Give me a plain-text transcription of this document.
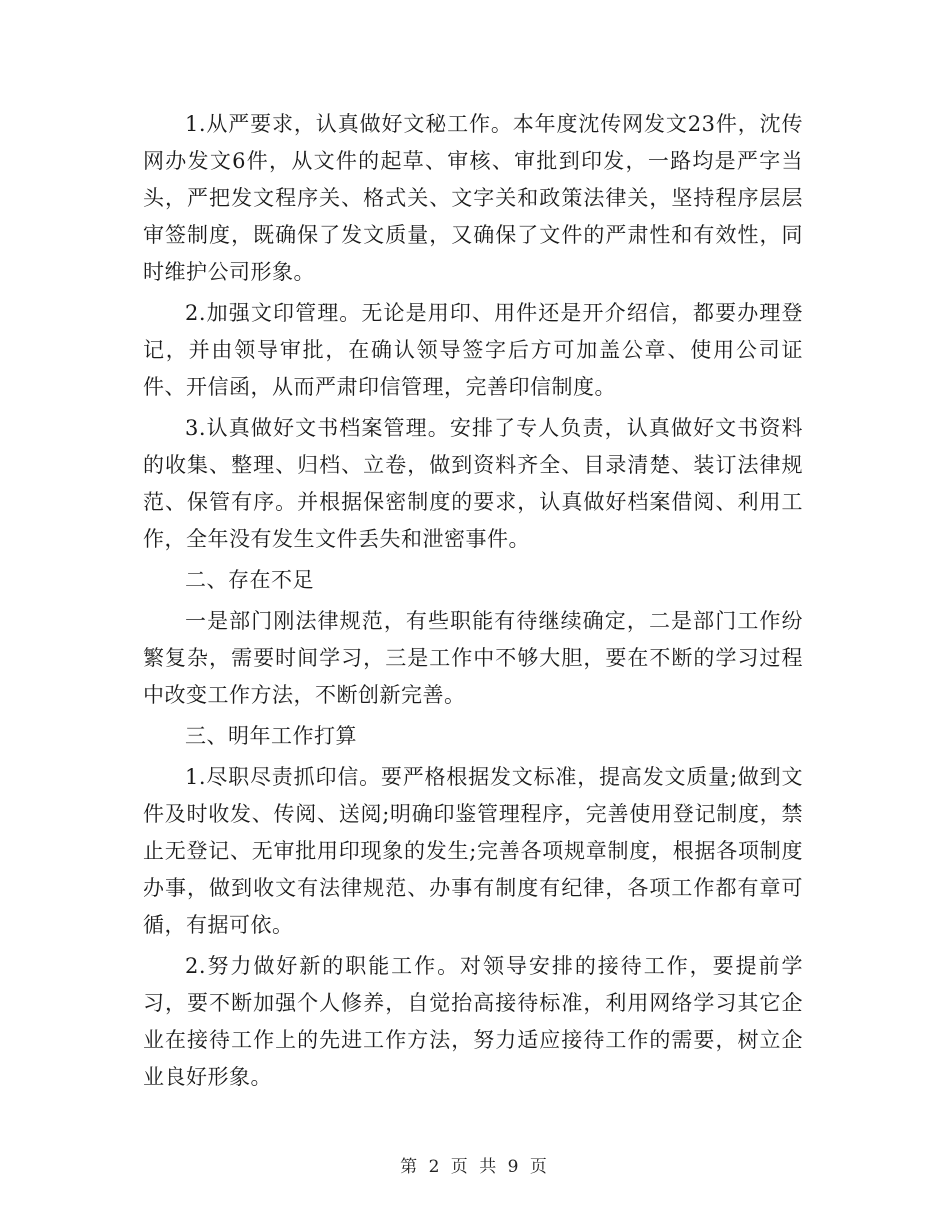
1.从严要求，认真做好文秘工作。本年度沈传网发文23件，沈传网办发文6件，从文件的起草、审核、审批到印发，一路均是严字当头，严把发文程序关、格式关、文字关和政策法律关，坚持程序层层审签制度，既确保了发文质量，又确保了文件的严肃性和有效性，同时维护公司形象。

2.加强文印管理。无论是用印、用件还是开介绍信，都要办理登记，并由领导审批，在确认领导签字后方可加盖公章、使用公司证件、开信函，从而严肃印信管理，完善印信制度。

3.认真做好文书档案管理。安排了专人负责，认真做好文书资料的收集、整理、归档、立卷，做到资料齐全、目录清楚、装订法律规范、保管有序。并根据保密制度的要求，认真做好档案借阅、利用工作，全年没有发生文件丢失和泄密事件。

二、存在不足

一是部门刚法律规范，有些职能有待继续确定，二是部门工作纷繁复杂，需要时间学习，三是工作中不够大胆，要在不断的学习过程中改变工作方法，不断创新完善。

三、明年工作打算

1.尽职尽责抓印信。要严格根据发文标准，提高发文质量;做到文件及时收发、传阅、送阅;明确印鉴管理程序，完善使用登记制度，禁止无登记、无审批用印现象的发生;完善各项规章制度，根据各项制度办事，做到收文有法律规范、办事有制度有纪律，各项工作都有章可循，有据可依。

2.努力做好新的职能工作。对领导安排的接待工作，要提前学习，要不断加强个人修养，自觉抬高接待标准，利用网络学习其它企业在接待工作上的先进工作方法，努力适应接待工作的需要，树立企业良好形象。

第 2 页 共 9 页
